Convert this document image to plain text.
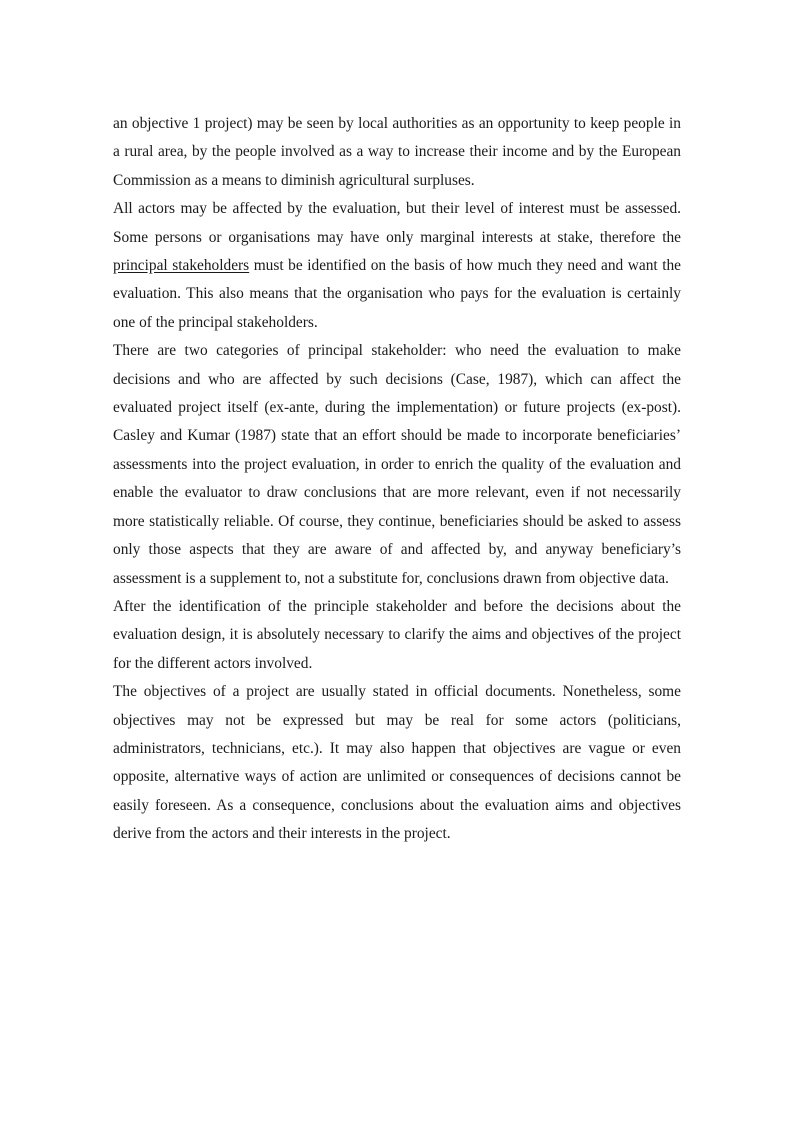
an objective 1 project) may be seen by local authorities as an opportunity to keep people in a rural area, by the people involved as a way to increase their income and by the European Commission as a means to diminish agricultural surpluses.

All actors may be affected by the evaluation, but their level of interest must be assessed. Some persons or organisations may have only marginal interests at stake, therefore the principal stakeholders must be identified on the basis of how much they need and want the evaluation. This also means that the organisation who pays for the evaluation is certainly one of the principal stakeholders.

There are two categories of principal stakeholder: who need the evaluation to make decisions and who are affected by such decisions (Case, 1987), which can affect the evaluated project itself (ex-ante, during the implementation) or future projects (ex-post). Casley and Kumar (1987) state that an effort should be made to incorporate beneficiaries’ assessments into the project evaluation, in order to enrich the quality of the evaluation and enable the evaluator to draw conclusions that are more relevant, even if not necessarily more statistically reliable. Of course, they continue, beneficiaries should be asked to assess only those aspects that they are aware of and affected by, and anyway beneficiary’s assessment is a supplement to, not a substitute for, conclusions drawn from objective data.

After the identification of the principle stakeholder and before the decisions about the evaluation design, it is absolutely necessary to clarify the aims and objectives of the project for the different actors involved.

The objectives of a project are usually stated in official documents. Nonetheless, some objectives may not be expressed but may be real for some actors (politicians, administrators, technicians, etc.). It may also happen that objectives are vague or even opposite, alternative ways of action are unlimited or consequences of decisions cannot be easily foreseen. As a consequence, conclusions about the evaluation aims and objectives derive from the actors and their interests in the project.
